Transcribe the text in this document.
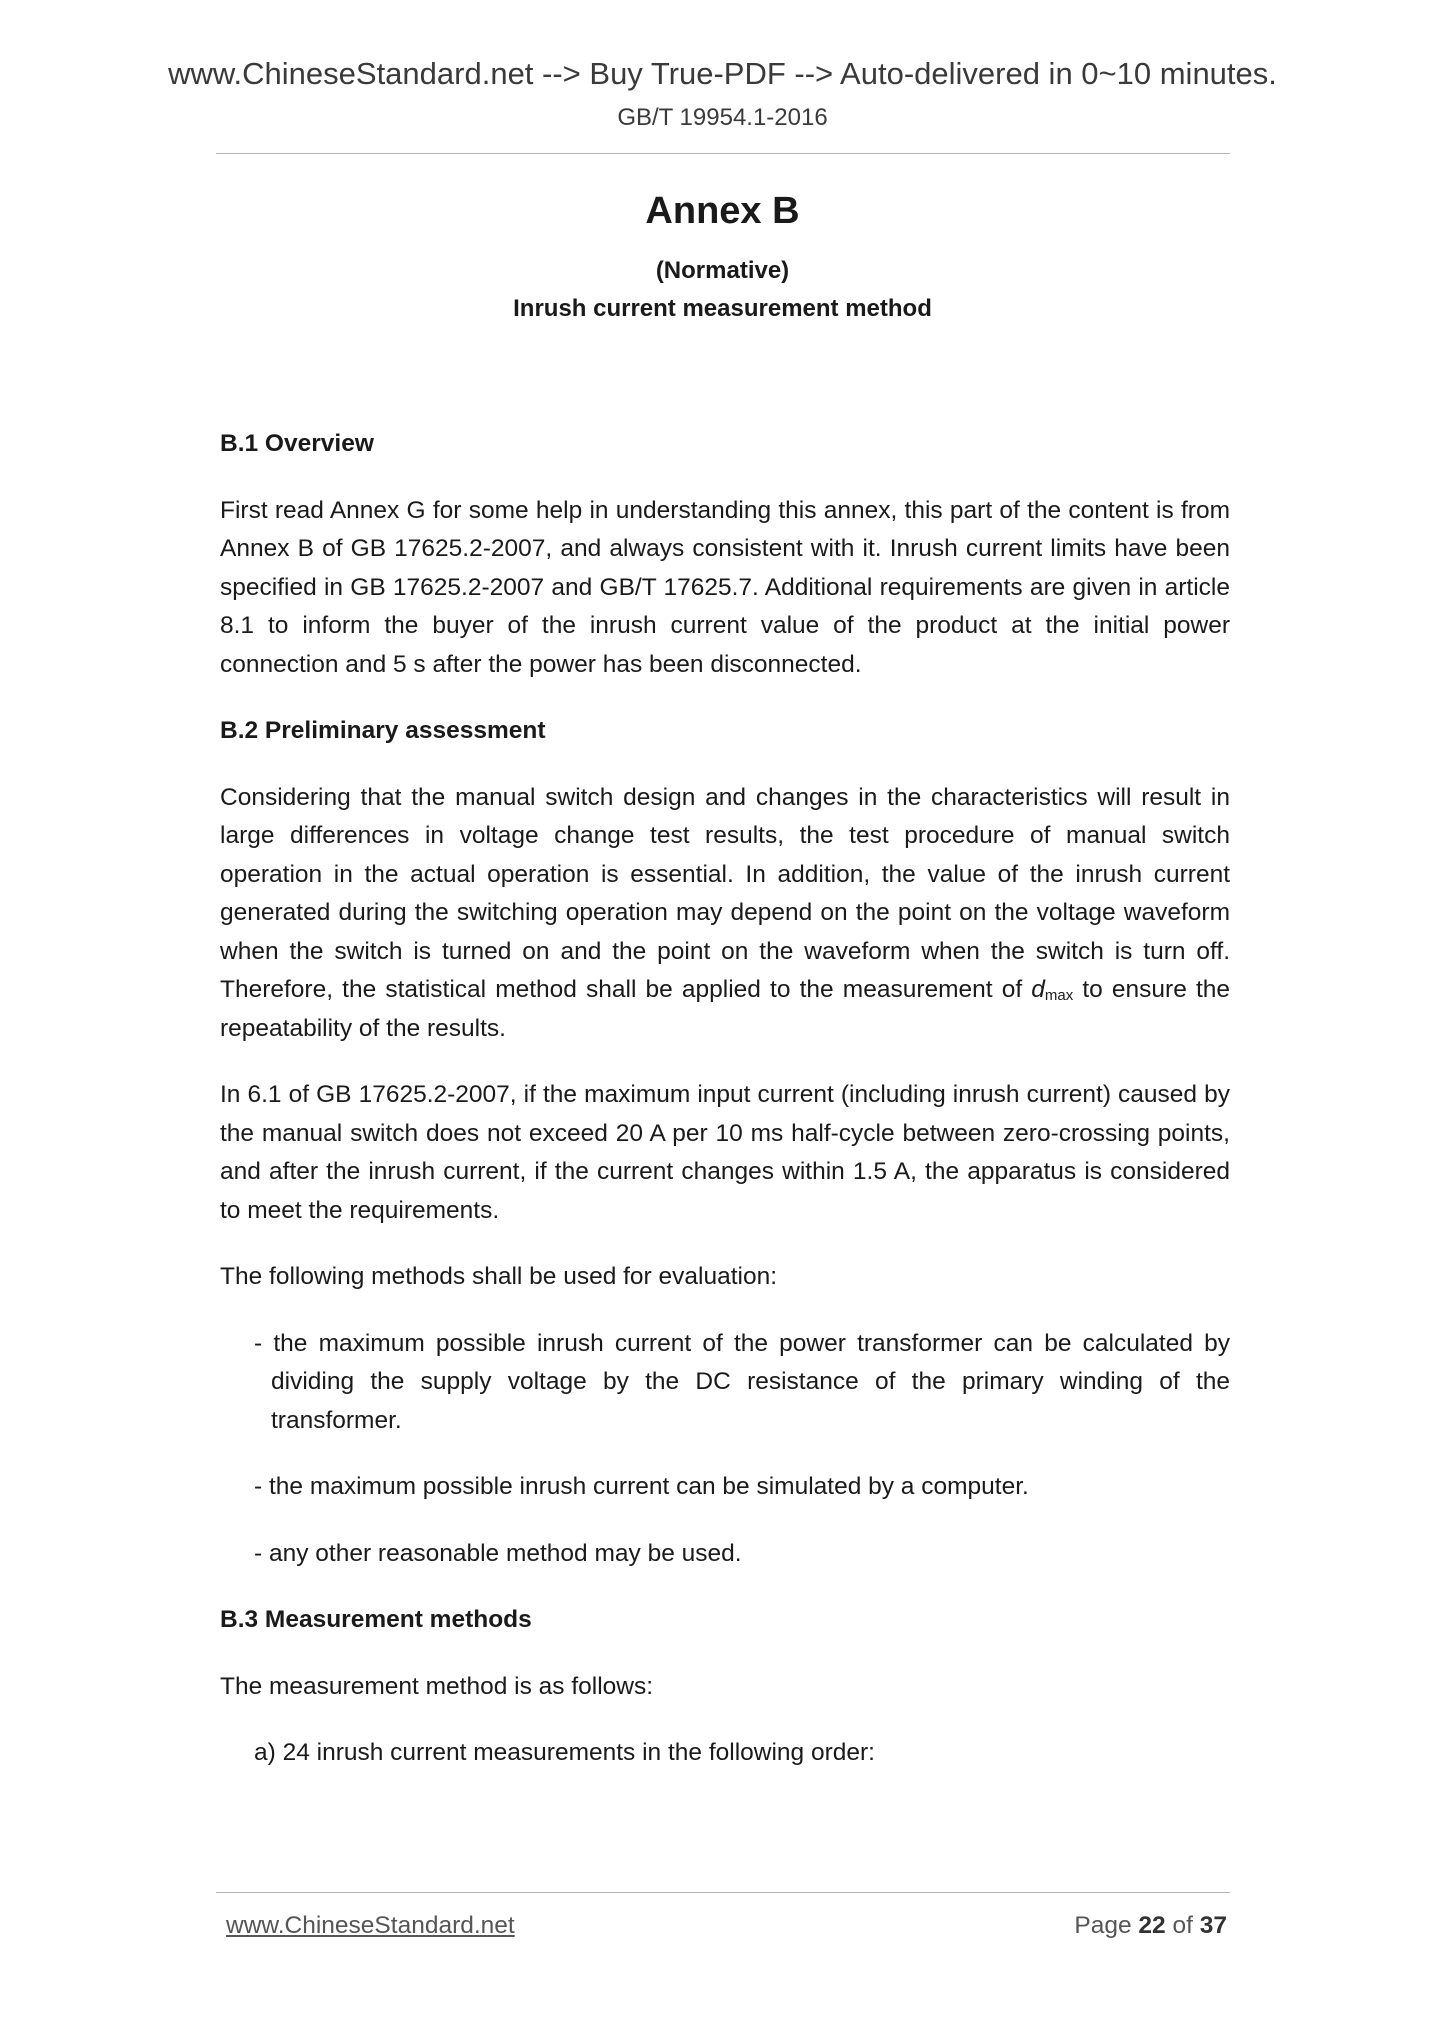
www.ChineseStandard.net --> Buy True-PDF --> Auto-delivered in 0~10 minutes.
GB/T 19954.1-2016
Annex B
(Normative)
Inrush current measurement method

B.1 Overview

First read Annex G for some help in understanding this annex, this part of the content is from Annex B of GB 17625.2-2007, and always consistent with it. Inrush current limits have been specified in GB 17625.2-2007 and GB/T 17625.7. Additional requirements are given in article 8.1 to inform the buyer of the inrush current value of the product at the initial power connection and 5 s after the power has been disconnected.

B.2 Preliminary assessment

Considering that the manual switch design and changes in the characteristics will result in large differences in voltage change test results, the test procedure of manual switch operation in the actual operation is essential. In addition, the value of the inrush current generated during the switching operation may depend on the point on the voltage waveform when the switch is turned on and the point on the waveform when the switch is turn off. Therefore, the statistical method shall be applied to the measurement of $d_{max}$ to ensure the repeatability of the results.

In 6.1 of GB 17625.2-2007, if the maximum input current (including inrush current) caused by the manual switch does not exceed 20 A per 10 ms half-cycle between zero-crossing points, and after the inrush current, if the current changes within 1.5 A, the apparatus is considered to meet the requirements.

The following methods shall be used for evaluation:

- the maximum possible inrush current of the power transformer can be calculated by dividing the supply voltage by the DC resistance of the primary winding of the transformer.

- the maximum possible inrush current can be simulated by a computer.

- any other reasonable method may be used.

B.3 Measurement methods

The measurement method is as follows:

a) 24 inrush current measurements in the following order:

www.ChineseStandard.net	Page 22 of 37
